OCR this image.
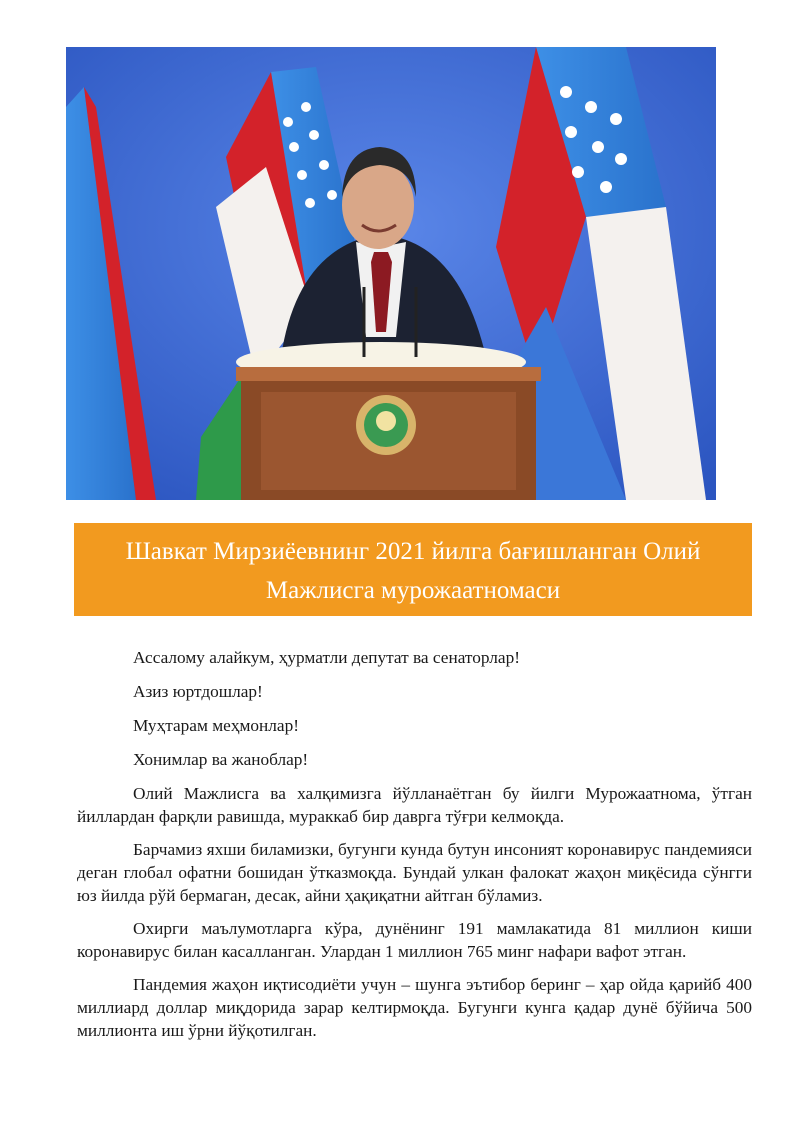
Шавкат Мирзиёевнинг 2021 йилга бағишланган Олий
Мажлисга мурожаатномаси

Ассалому алайкум, ҳурматли депутат ва сенаторлар!

Азиз юртдошлар!

Муҳтарам меҳмонлар!

Хонимлар ва жаноблар!

Олий Мажлисга ва халқимизга йўлланаётган бу йилги Мурожаатнома, ўтган йиллардан фарқли равишда, мураккаб бир даврга тўғри келмоқда.

Барчамиз яхши биламизки, бугунги кунда бутун инсоният коронавирус пандемияси деган глобал офатни бошидан ўтказмоқда. Бундай улкан фалокат жаҳон миқёсида сўнгги юз йилда рўй бермаган, десак, айни ҳақиқатни айтган бўламиз.

Охирги маълумотларга кўра, дунёнинг 191 мамлакатида 81 миллион киши коронавирус билан касалланган. Улардан 1 миллион 765 минг нафари вафот этган.

Пандемия жаҳон иқтисодиёти учун – шунга эътибор беринг – ҳар ойда қарийб 400 миллиард доллар миқдорида зарар келтирмоқда. Бугунги кунга қадар дунё бўйича 500 миллионта иш ўрни йўқотилган.
